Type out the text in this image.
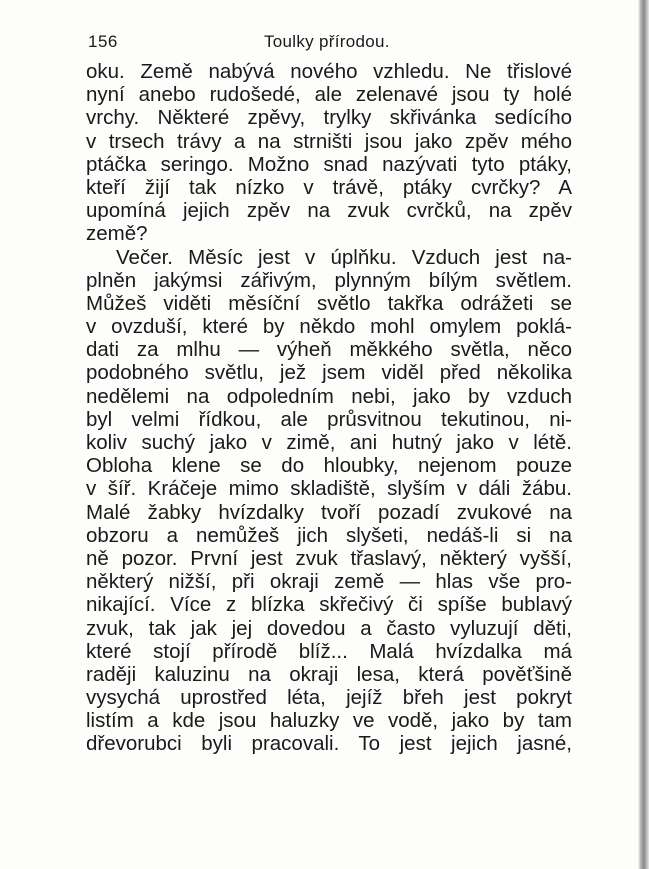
156	Toulky přírodou.
oku. Země nabývá nového vzhledu. Ne třislové
nyní anebo rudošedé, ale zelenavé jsou ty holé
vrchy. Některé zpěvy, trylky skřivánka sedícího
v trsech trávy a na strništi jsou jako zpěv mého
ptáčka seringo. Možno snad nazývati tyto ptáky,
kteří žijí tak nízko v trávě, ptáky cvrčky? A
upomíná jejich zpěv na zvuk cvrčků, na zpěv
země?
Večer. Měsíc jest v úplňku. Vzduch jest na-
plněn jakýmsi zářivým, plynným bílým světlem.
Můžeš viděti měsíční světlo takřka odrážeti se
v ovzduší, které by někdo mohl omylem poklá-
dati za mlhu — výheň měkkého světla, něco
podobného světlu, jež jsem viděl před několika
nedělemi na odpoledním nebi, jako by vzduch
byl velmi řídkou, ale průsvitnou tekutinou, ni-
koliv suchý jako v zimě, ani hutný jako v létě.
Obloha klene se do hloubky, nejenom pouze
v šíř. Kráčeje mimo skladiště, slyším v dáli žábu.
Malé žabky hvízdalky tvoří pozadí zvukové na
obzoru a nemůžeš jich slyšeti, nedáš-li si na
ně pozor. První jest zvuk třaslavý, některý vyšší,
některý nižší, při okraji země — hlas vše pro-
nikající. Více z blízka skřečivý či spíše bublavý
zvuk, tak jak jej dovedou a často vyluzují děti,
které stojí přírodě blíž... Malá hvízdalka má
raději kaluzinu na okraji lesa, která pověťšině
vysychá uprostřed léta, jejíž břeh jest pokryt
listím a kde jsou haluzky ve vodě, jako by tam
dřevorubci byli pracovali. To jest jejich jasné,
